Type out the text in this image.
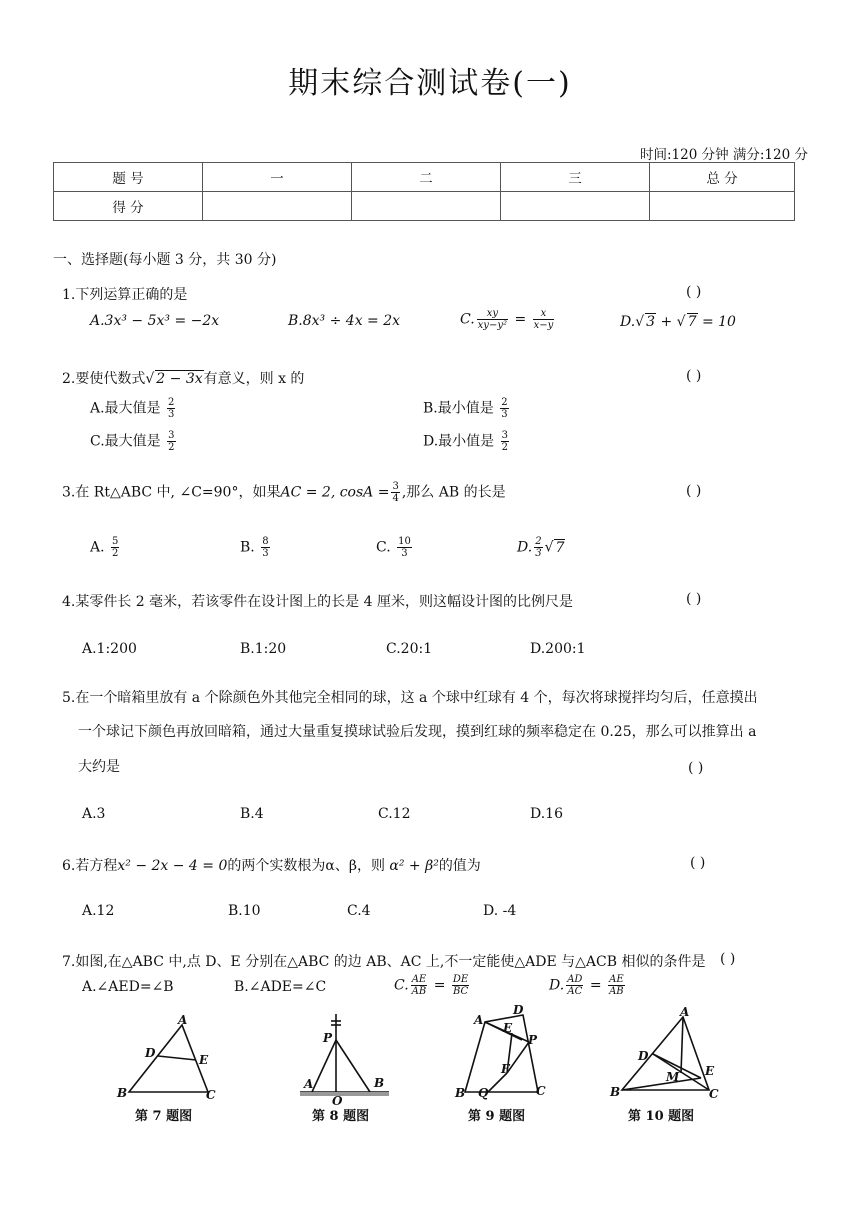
期末综合测试卷(一)
时间:120 分钟 满分:120 分
题 号	一	二	三	总 分
得 分				
一、选择题(每小题 3 分，共 30 分)
1.下列运算正确的是	( )
A.3x³ − 5x³ = −2x	B.8x³ ÷ 4x = 2x	C. $\frac{xy}{\text{xy−y²}} = \frac{x}{x-y}$	D.√ 3 + √ 7 = 10
2.要使代数式√ 2 − 3x有意义，则 x 的	( )
A.最大值是 $\frac{2}{3}$	B.最小值是 $\frac{2}{3}$
C.最大值是 $\frac{3}{2}$	D.最小值是 $\frac{3}{2}$
3.在 Rt△ABC 中, ∠C=90°，如果AC = 2, $\cos A = \frac{3}{4}$ ,那么 AB 的长是	( )
A. $\frac{5}{2}$	B. $\frac{8}{3}$	C. $\frac{10}{3}$	D. $\frac{2}{3}$ √ 7
4.某零件长 2 毫米，若该零件在设计图上的长是 4 厘米，则这幅设计图的比例尺是	( )
A.1:200	B.1:20	C.20:1	D.200:1
5.在一个暗箱里放有 a 个除颜色外其他完全相同的球，这 a 个球中红球有 4 个，每次将球搅拌均匀后，任意摸出
一个球记下颜色再放回暗箱，通过大量重复摸球试验后发现，摸到红球的频率稳定在 0.25，那么可以推算出 a
大约是	( )
A.3	B.4	C.12	D.16
6.若方程x² − 2x − 4 = 0的两个实数根为α、β，则 α² + β²的值为	( )
A.12	B.10	C.4	D. -4
7.如图,在△ABC 中,点 D、E 分别在△ABC 的边 AB、AC 上,不一定能使△ADE 与△ACB 相似的条件是 ( )
A.∠AED=∠B	B.∠ADE=∠C	C. $\frac{AE}{AB} = \frac{DE}{BC}$	D. $\frac{AD}{AC} = \frac{AE}{AB}$
A
D	E
B	C
P
A
O
B
A
D
E
P
F
B Q	C
A
D
M E
B	C
第 7 题图	第 8 题图	第 9 题图	第 10 题图
